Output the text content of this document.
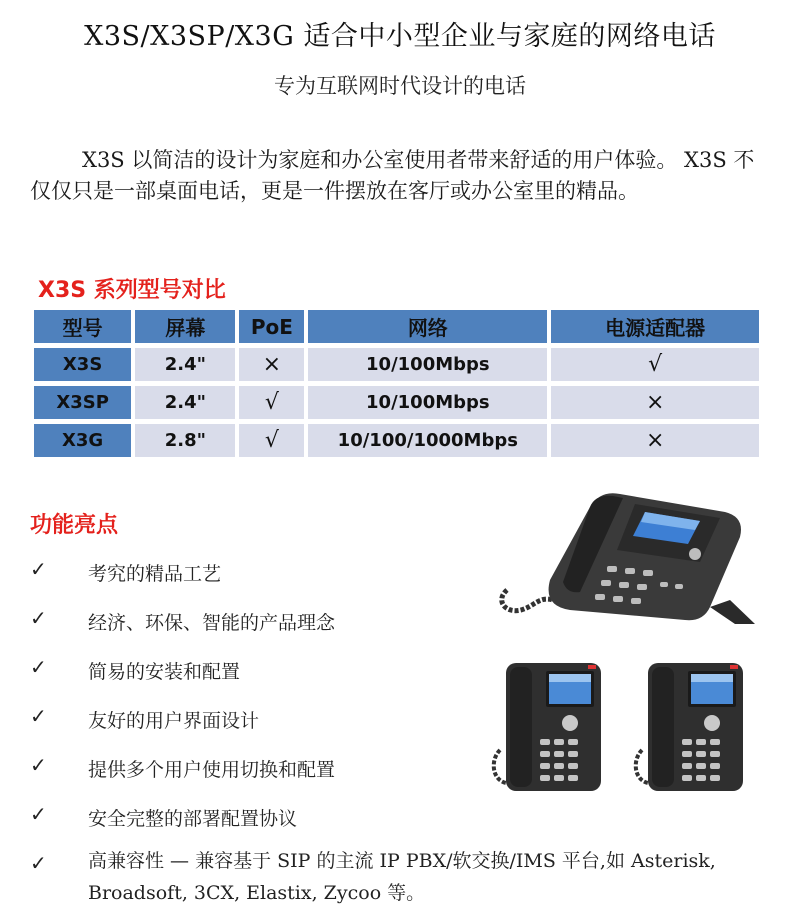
X3S/X3SP/X3G 适合中小型企业与家庭的网络电话
专为互联网时代设计的电话
X3S 以简洁的设计为家庭和办公室使用者带来舒适的用户体验。 X3S 不仅仅只是一部桌面电话，更是一件摆放在客厅或办公室里的精品。
X3S 系列型号对比
型号	屏幕	PoE	网络	电源适配器
X3S	2.4"	×	10/100Mbps	√
X3SP	2.4"	√	10/100Mbps	×
X3G	2.8"	√	10/100/1000Mbps	×
功能亮点
✓ 考究的精品工艺
✓ 经济、环保、智能的产品理念
✓ 简易的安装和配置
✓ 友好的用户界面设计
✓ 提供多个用户使用切换和配置
✓ 安全完整的部署配置协议
✓ 高兼容性 — 兼容基于 SIP 的主流 IP PBX/软交换/IMS 平台,如 Asterisk, Broadsoft, 3CX, Elastix, Zycoo 等。
